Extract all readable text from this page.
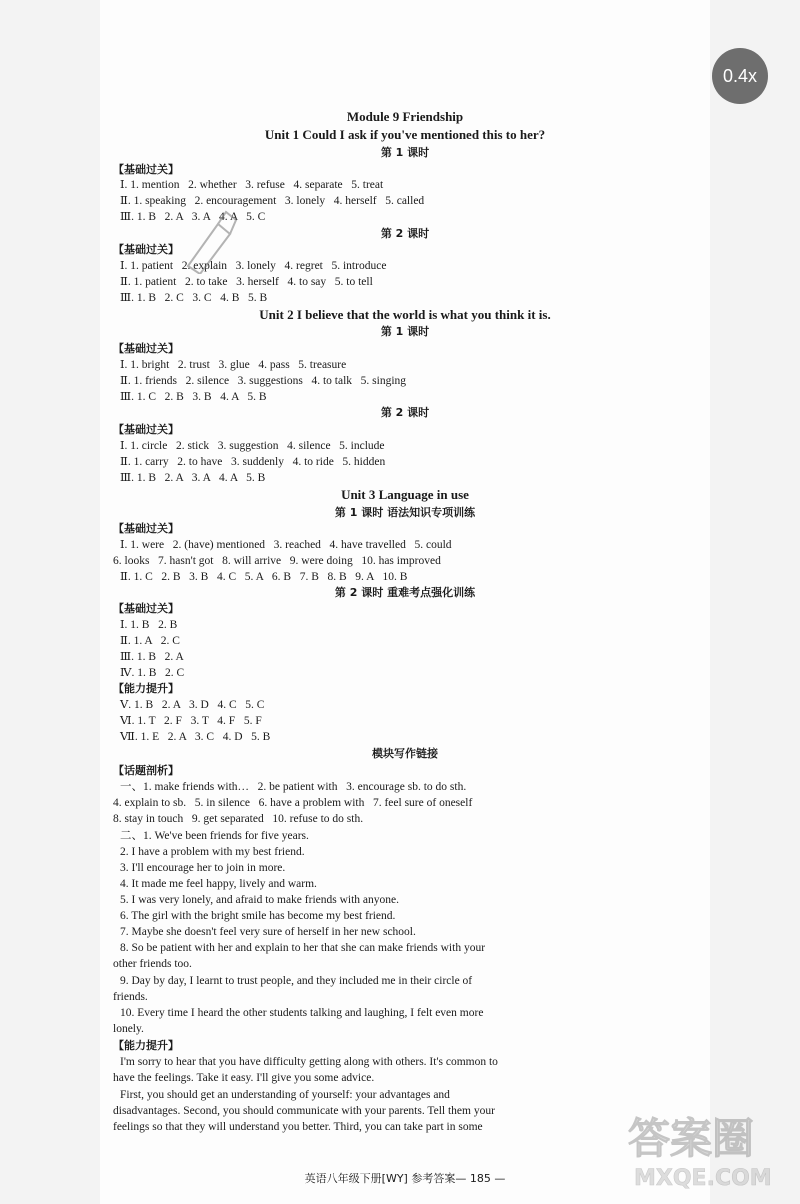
0.4x
Module 9 Friendship
Unit 1 Could I ask if you've mentioned this to her?
第 1 课时
【基础过关】
Ⅰ. 1. mention   2. whether   3. refuse   4. separate   5. treat
Ⅱ. 1. speaking   2. encouragement   3. lonely   4. herself   5. called
Ⅲ. 1. B   2. A   3. A   4. A   5. C
第 2 课时
【基础过关】
Ⅰ. 1. patient   2. explain   3. lonely   4. regret   5. introduce
Ⅱ. 1. patient   2. to take   3. herself   4. to say   5. to tell
Ⅲ. 1. B   2. C   3. C   4. B   5. B
Unit 2 I believe that the world is what you think it is.
第 1 课时
【基础过关】
Ⅰ. 1. bright   2. trust   3. glue   4. pass   5. treasure
Ⅱ. 1. friends   2. silence   3. suggestions   4. to talk   5. singing
Ⅲ. 1. C   2. B   3. B   4. A   5. B
第 2 课时
【基础过关】
Ⅰ. 1. circle   2. stick   3. suggestion   4. silence   5. include
Ⅱ. 1. carry   2. to have   3. suddenly   4. to ride   5. hidden
Ⅲ. 1. B   2. A   3. A   4. A   5. B
Unit 3 Language in use
第 1 课时 语法知识专项训练
【基础过关】
Ⅰ. 1. were   2. (have) mentioned   3. reached   4. have travelled   5. could
6. looks   7. hasn't got   8. will arrive   9. were doing   10. has improved
Ⅱ. 1. C   2. B   3. B   4. C   5. A   6. B   7. B   8. B   9. A   10. B
第 2 课时 重难考点强化训练
【基础过关】
Ⅰ. 1. B   2. B
Ⅱ. 1. A   2. C
Ⅲ. 1. B   2. A
Ⅳ. 1. B   2. C
【能力提升】
Ⅴ. 1. B   2. A   3. D   4. C   5. C
Ⅵ. 1. T   2. F   3. T   4. F   5. F
Ⅶ. 1. E   2. A   3. C   4. D   5. B
模块写作链接
【话题剖析】
一、1. make friends with…   2. be patient with   3. encourage sb. to do sth.
4. explain to sb.   5. in silence   6. have a problem with   7. feel sure of oneself
8. stay in touch   9. get separated   10. refuse to do sth.
二、1. We've been friends for five years.
2. I have a problem with my best friend.
3. I'll encourage her to join in more.
4. It made me feel happy, lively and warm.
5. I was very lonely, and afraid to make friends with anyone.
6. The girl with the bright smile has become my best friend.
7. Maybe she doesn't feel very sure of herself in her new school.
8. So be patient with her and explain to her that she can make friends with your
other friends too.
9. Day by day, I learnt to trust people, and they included me in their circle of
friends.
10. Every time I heard the other students talking and laughing, I felt even more
lonely.
【能力提升】
I'm sorry to hear that you have difficulty getting along with others. It's common to
have the feelings. Take it easy. I'll give you some advice.
First, you should get an understanding of yourself: your advantages and
disadvantages. Second, you should communicate with your parents. Tell them your
feelings so that they will understand you better. Third, you can take part in some
英语八年级下册[WY] 参考答案— 185 —
答案圈
MXQE.COM
